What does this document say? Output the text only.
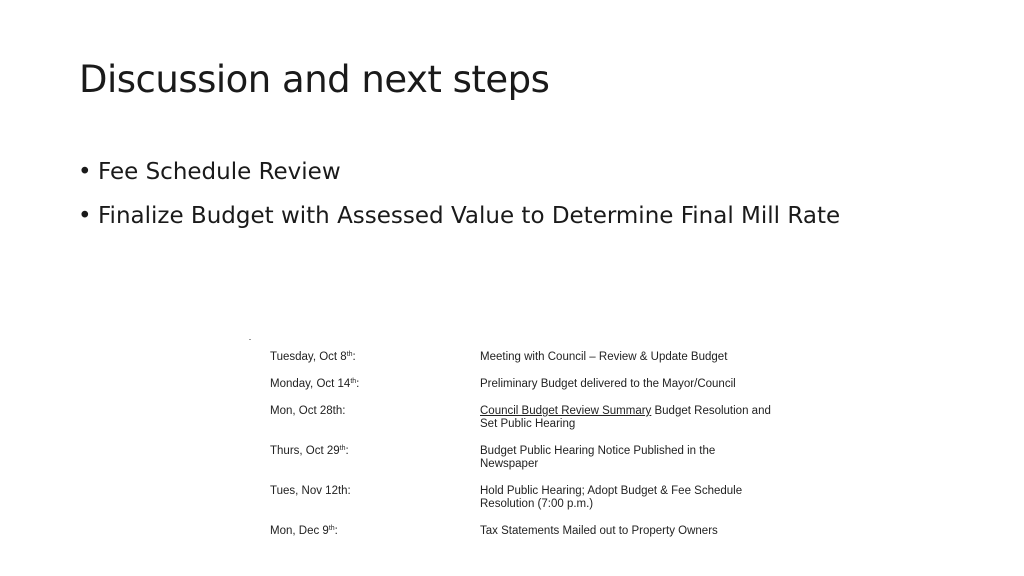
Discussion and next steps
• Fee Schedule Review
• Finalize Budget with Assessed Value to Determine Final Mill Rate
Tuesday, Oct 8th:	Meeting with Council – Review & Update Budget
Monday, Oct 14th:	Preliminary Budget delivered to the Mayor/Council
Mon, Oct 28th:	Council Budget Review Summary Budget Resolution and
Set Public Hearing
Thurs, Oct 29th:	Budget Public Hearing Notice Published in the
Newspaper
Tues, Nov 12th:	Hold Public Hearing; Adopt Budget & Fee Schedule
Resolution (7:00 p.m.)
Mon, Dec 9th:	Tax Statements Mailed out to Property Owners
